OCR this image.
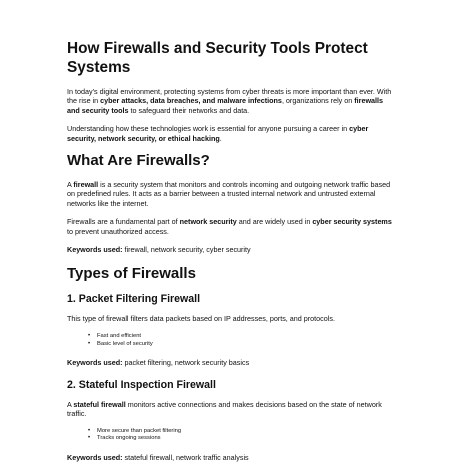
How Firewalls and Security Tools Protect Systems

In today’s digital environment, protecting systems from cyber threats is more important than ever. With the rise in cyber attacks, data breaches, and malware infections, organizations rely on firewalls and security tools to safeguard their networks and data.

Understanding how these technologies work is essential for anyone pursuing a career in cyber security, network security, or ethical hacking.

What Are Firewalls?

A firewall is a security system that monitors and controls incoming and outgoing network traffic based on predefined rules. It acts as a barrier between a trusted internal network and untrusted external networks like the internet.

Firewalls are a fundamental part of network security and are widely used in cyber security systems to prevent unauthorized access.

Keywords used: firewall, network security, cyber security

Types of Firewalls
1. Packet Filtering Firewall

This type of firewall filters data packets based on IP addresses, ports, and protocols.

• Fast and efficient
• Basic level of security

Keywords used: packet filtering, network security basics

2. Stateful Inspection Firewall

A stateful firewall monitors active connections and makes decisions based on the state of network traffic.

• More secure than packet filtering
• Tracks ongoing sessions

Keywords used: stateful firewall, network traffic analysis
